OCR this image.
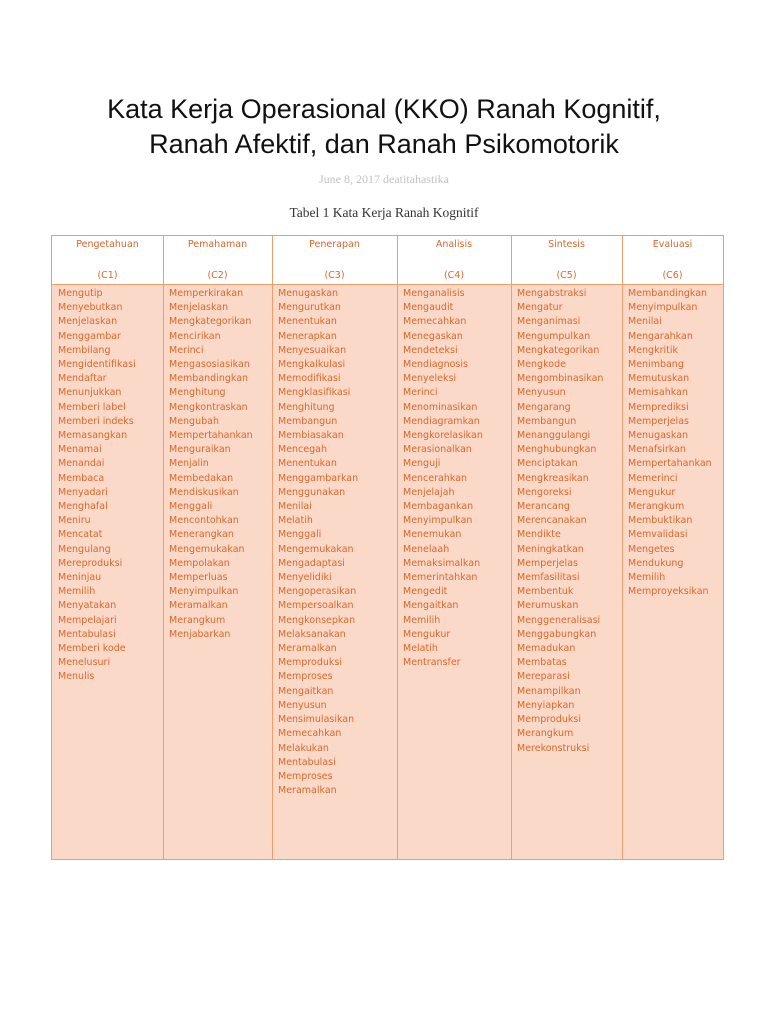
Kata Kerja Operasional (KKO) Ranah Kognitif,
Ranah Afektif, dan Ranah Psikomotorik
June 8, 2017 deatitahastika
Tabel 1 Kata Kerja Ranah Kognitif
Pengetahuan
(C1)
Mengutip
Menyebutkan
Menjelaskan
Menggambar
Membilang
Mengidentifikasi
Mendaftar
Menunjukkan
Memberi label
Memberi indeks
Memasangkan
Menamai
Menandai
Membaca
Menyadari
Menghafal
Meniru
Mencatat
Mengulang
Mereproduksi
Meninjau
Memilih
Menyatakan
Mempelajari
Mentabulasi
Memberi kode
Menelusuri
Menulis
Pemahaman
(C2)
Memperkirakan
Menjelaskan
Mengkategorikan
Mencirikan
Merinci
Mengasosiasikan
Membandingkan
Menghitung
Mengkontraskan
Mengubah
Mempertahankan
Menguraikan
Menjalin
Membedakan
Mendiskusikan
Menggali
Mencontohkan
Menerangkan
Mengemukakan
Mempolakan
Memperluas
Menyimpulkan
Meramalkan
Merangkum
Menjabarkan
Penerapan
(C3)
Menugaskan
Mengurutkan
Menentukan
Menerapkan
Menyesuaikan
Mengkalkulasi
Memodifikasi
Mengklasifikasi
Menghitung
Membangun
Membiasakan
Mencegah
Menentukan
Menggambarkan
Menggunakan
Menilai
Melatih
Menggali
Mengemukakan
Mengadaptasi
Menyelidiki
Mengoperasikan
Mempersoalkan
Mengkonsepkan
Melaksanakan
Meramalkan
Memproduksi
Memproses
Mengaitkan
Menyusun
Mensimulasikan
Memecahkan
Melakukan
Mentabulasi
Memproses
Meramalkan
Analisis
(C4)
Menganalisis
Mengaudit
Memecahkan
Menegaskan
Mendeteksi
Mendiagnosis
Menyeleksi
Merinci
Menominasikan
Mendiagramkan
Mengkorelasikan
Merasionalkan
Menguji
Mencerahkan
Menjelajah
Membagankan
Menyimpulkan
Menemukan
Menelaah
Memaksimalkan
Memerintahkan
Mengedit
Mengaitkan
Memilih
Mengukur
Melatih
Mentransfer
Sintesis
(C5)
Mengabstraksi
Mengatur
Menganimasi
Mengumpulkan
Mengkategorikan
Mengkode
Mengombinasikan
Menyusun
Mengarang
Membangun
Menanggulangi
Menghubungkan
Menciptakan
Mengkreasikan
Mengoreksi
Merancang
Merencanakan
Mendikte
Meningkatkan
Memperjelas
Memfasilitasi
Membentuk
Merumuskan
Menggeneralisasi
Menggabungkan
Memadukan
Membatas
Mereparasi
Menampilkan
Menyiapkan
Memproduksi
Merangkum
Merekonstruksi
Evaluasi
(C6)
Membandingkan
Menyimpulkan
Menilai
Mengarahkan
Mengkritik
Menimbang
Memutuskan
Memisahkan
Memprediksi
Memperjelas
Menugaskan
Menafsirkan
Mempertahankan
Memerinci
Mengukur
Merangkum
Membuktikan
Memvalidasi
Mengetes
Mendukung
Memilih
Memproyeksikan
